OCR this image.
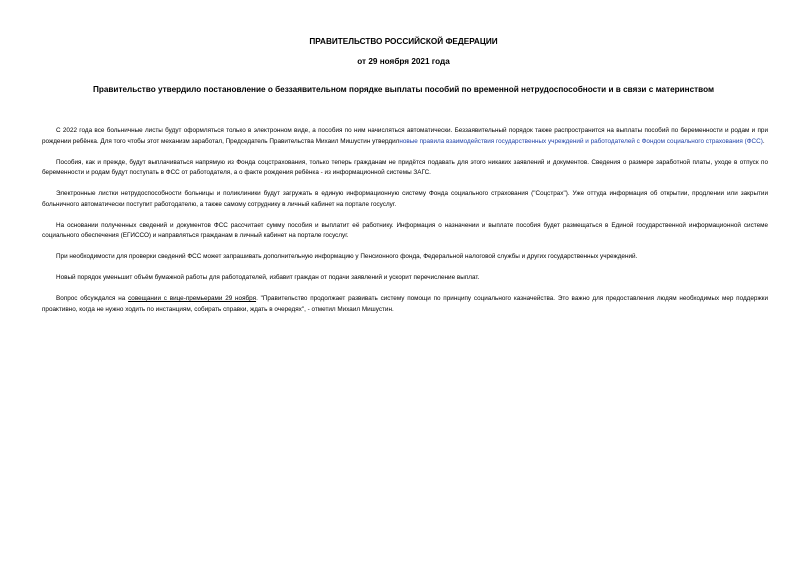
ПРАВИТЕЛЬСТВО РОССИЙСКОЙ ФЕДЕРАЦИИ
от 29 ноября 2021 года
Правительство утвердило постановление о беззаявительном порядке выплаты пособий по временной нетрудоспособности и в связи с материнством

С 2022 года все больничные листы будут оформляться только в электронном виде, а пособия по ним начисляться автоматически. Беззаявительный порядок также распространится на выплаты пособий по беременности и родам и при рождении ребёнка. Для того чтобы этот механизм заработал, Председатель Правительства Михаил Мишустин утвердилновые правила взаимодействия государственных учреждений и работодателей с Фондом социального страхования (ФСС).

Пособия, как и прежде, будут выплачиваться напрямую из Фонда соцстрахования, только теперь гражданам не придётся подавать для этого никаких заявлений и документов. Сведения о размере заработной платы, уходе в отпуск по беременности и родам будут поступать в ФСС от работодателя, а о факте рождения ребёнка - из информационной системы ЗАГС.

Электронные листки нетрудоспособности больницы и поликлиники будут загружать в единую информационную систему Фонда социального страхования ("Соцстрах"). Уже оттуда информация об открытии, продлении или закрытии больничного автоматически поступит работодателю, а также самому сотруднику в личный кабинет на портале госуслуг.

На основании полученных сведений и документов ФСС рассчитает сумму пособия и выплатит её работнику. Информация о назначении и выплате пособия будет размещаться в Единой государственной информационной системе социального обеспечения (ЕГИССО) и направляться гражданам в личный кабинет на портале госуслуг.

При необходимости для проверки сведений ФСС может запрашивать дополнительную информацию у Пенсионного фонда, Федеральной налоговой службы и других государственных учреждений.

Новый порядок уменьшит объём бумажной работы для работодателей, избавит граждан от подачи заявлений и ускорит перечисление выплат.

Вопрос обсуждался на совещании с вице-премьерами 29 ноября. "Правительство продолжает развивать систему помощи по принципу социального казначейства. Это важно для предоставления людям необходимых мер поддержки проактивно, когда не нужно ходить по инстанциям, собирать справки, ждать в очередях", - отметил Михаил Мишустин.
